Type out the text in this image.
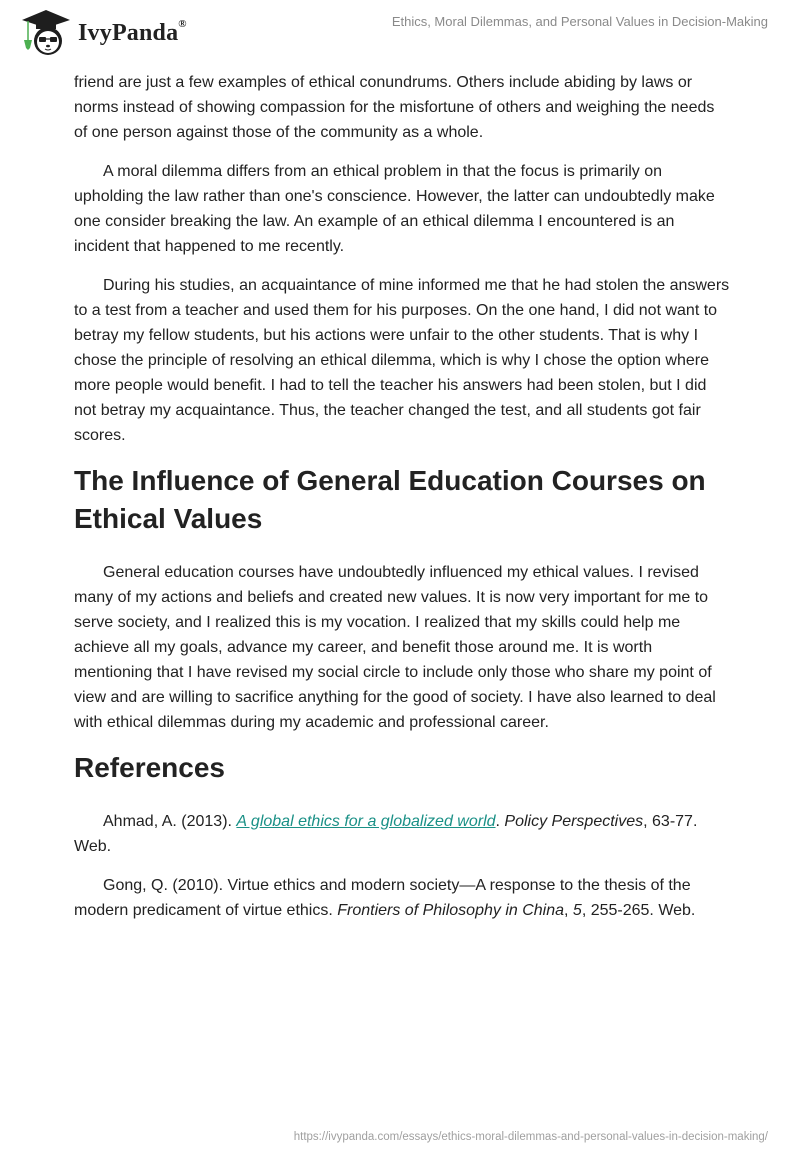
IvyPanda®	Ethics, Moral Dilemmas, and Personal Values in Decision-Making

friend are just a few examples of ethical conundrums. Others include abiding by laws or norms instead of showing compassion for the misfortune of others and weighing the needs of one person against those of the community as a whole.

A moral dilemma differs from an ethical problem in that the focus is primarily on upholding the law rather than one's conscience. However, the latter can undoubtedly make one consider breaking the law. An example of an ethical dilemma I encountered is an incident that happened to me recently.

During his studies, an acquaintance of mine informed me that he had stolen the answers to a test from a teacher and used them for his purposes. On the one hand, I did not want to betray my fellow students, but his actions were unfair to the other students. That is why I chose the principle of resolving an ethical dilemma, which is why I chose the option where more people would benefit. I had to tell the teacher his answers had been stolen, but I did not betray my acquaintance. Thus, the teacher changed the test, and all students got fair scores.

The Influence of General Education Courses on Ethical Values

General education courses have undoubtedly influenced my ethical values. I revised many of my actions and beliefs and created new values. It is now very important for me to serve society, and I realized this is my vocation. I realized that my skills could help me achieve all my goals, advance my career, and benefit those around me. It is worth mentioning that I have revised my social circle to include only those who share my point of view and are willing to sacrifice anything for the good of society. I have also learned to deal with ethical dilemmas during my academic and professional career.

References

Ahmad, A. (2013). A global ethics for a globalized world. Policy Perspectives, 63-77. Web.

Gong, Q. (2010). Virtue ethics and modern society—A response to the thesis of the modern predicament of virtue ethics. Frontiers of Philosophy in China, 5, 255-265. Web.

https://ivypanda.com/essays/ethics-moral-dilemmas-and-personal-values-in-decision-making/
